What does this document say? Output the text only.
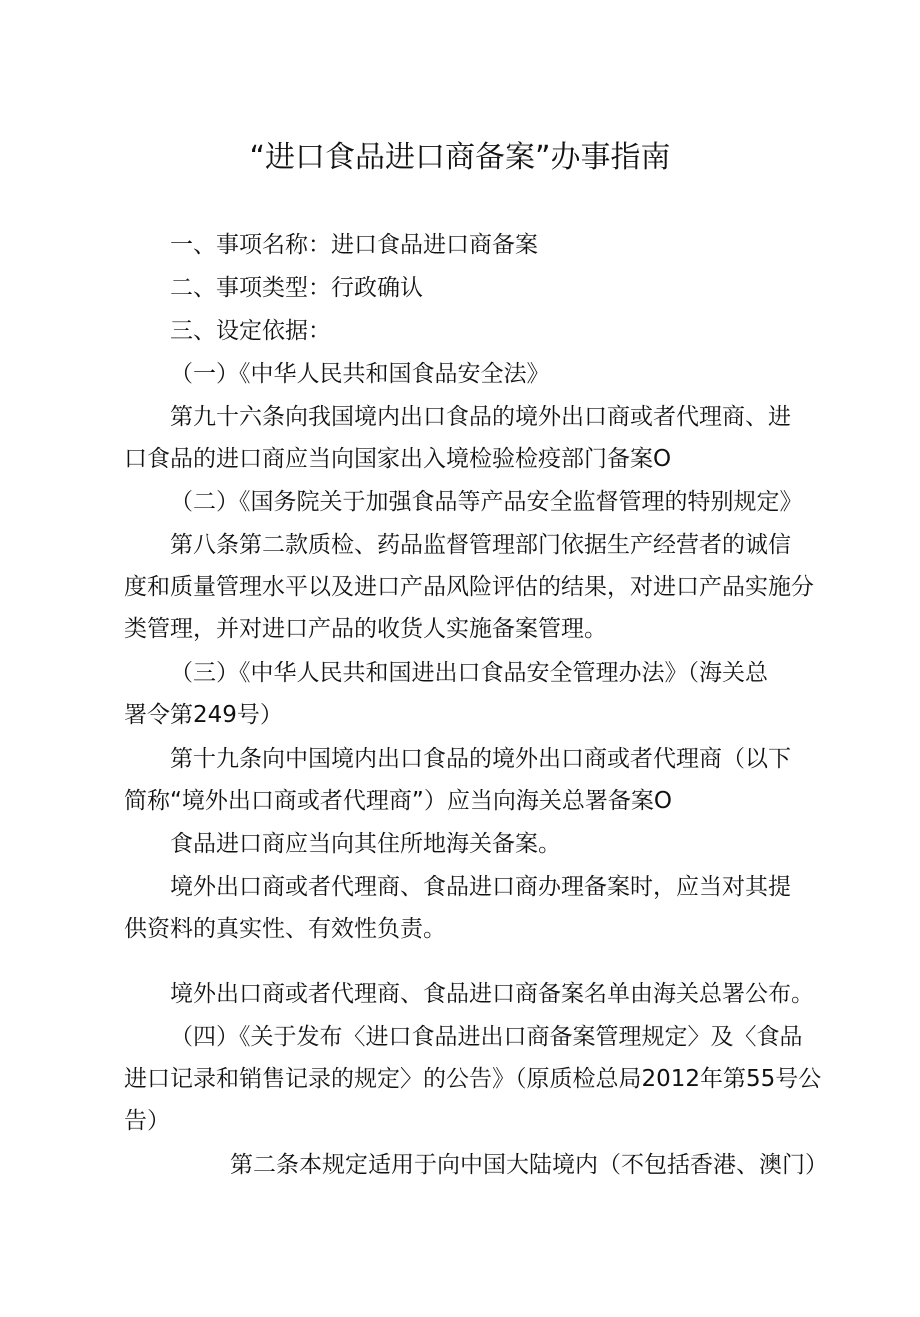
“进口食品进口商备案”办事指南
一、事项名称：进口食品进口商备案
二、事项类型：行政确认
三、设定依据：
（一）《中华人民共和国食品安全法》
第九十六条向我国境内出口食品的境外出口商或者代理商、进
口食品的进口商应当向国家出入境检验检疫部门备案O
（二）《国务院关于加强食品等产品安全监督管理的特别规定》
第八条第二款质检、药品监督管理部门依据生产经营者的诚信
度和质量管理水平以及进口产品风险评估的结果，对进口产品实施分
类管理，并对进口产品的收货人实施备案管理。
（三）《中华人民共和国进出口食品安全管理办法》（海关总
署令第249号）
第十九条向中国境内出口食品的境外出口商或者代理商（以下
简称“境外出口商或者代理商”）应当向海关总署备案O
食品进口商应当向其住所地海关备案。
境外出口商或者代理商、食品进口商办理备案时，应当对其提
供资料的真实性、有效性负责。
境外出口商或者代理商、食品进口商备案名单由海关总署公布。
（四）《关于发布〈进口食品进出口商备案管理规定〉及〈食品
进口记录和销售记录的规定〉的公告》（原质检总局2012年第55号公
告）
第二条本规定适用于向中国大陆境内（不包括香港、澳门）
